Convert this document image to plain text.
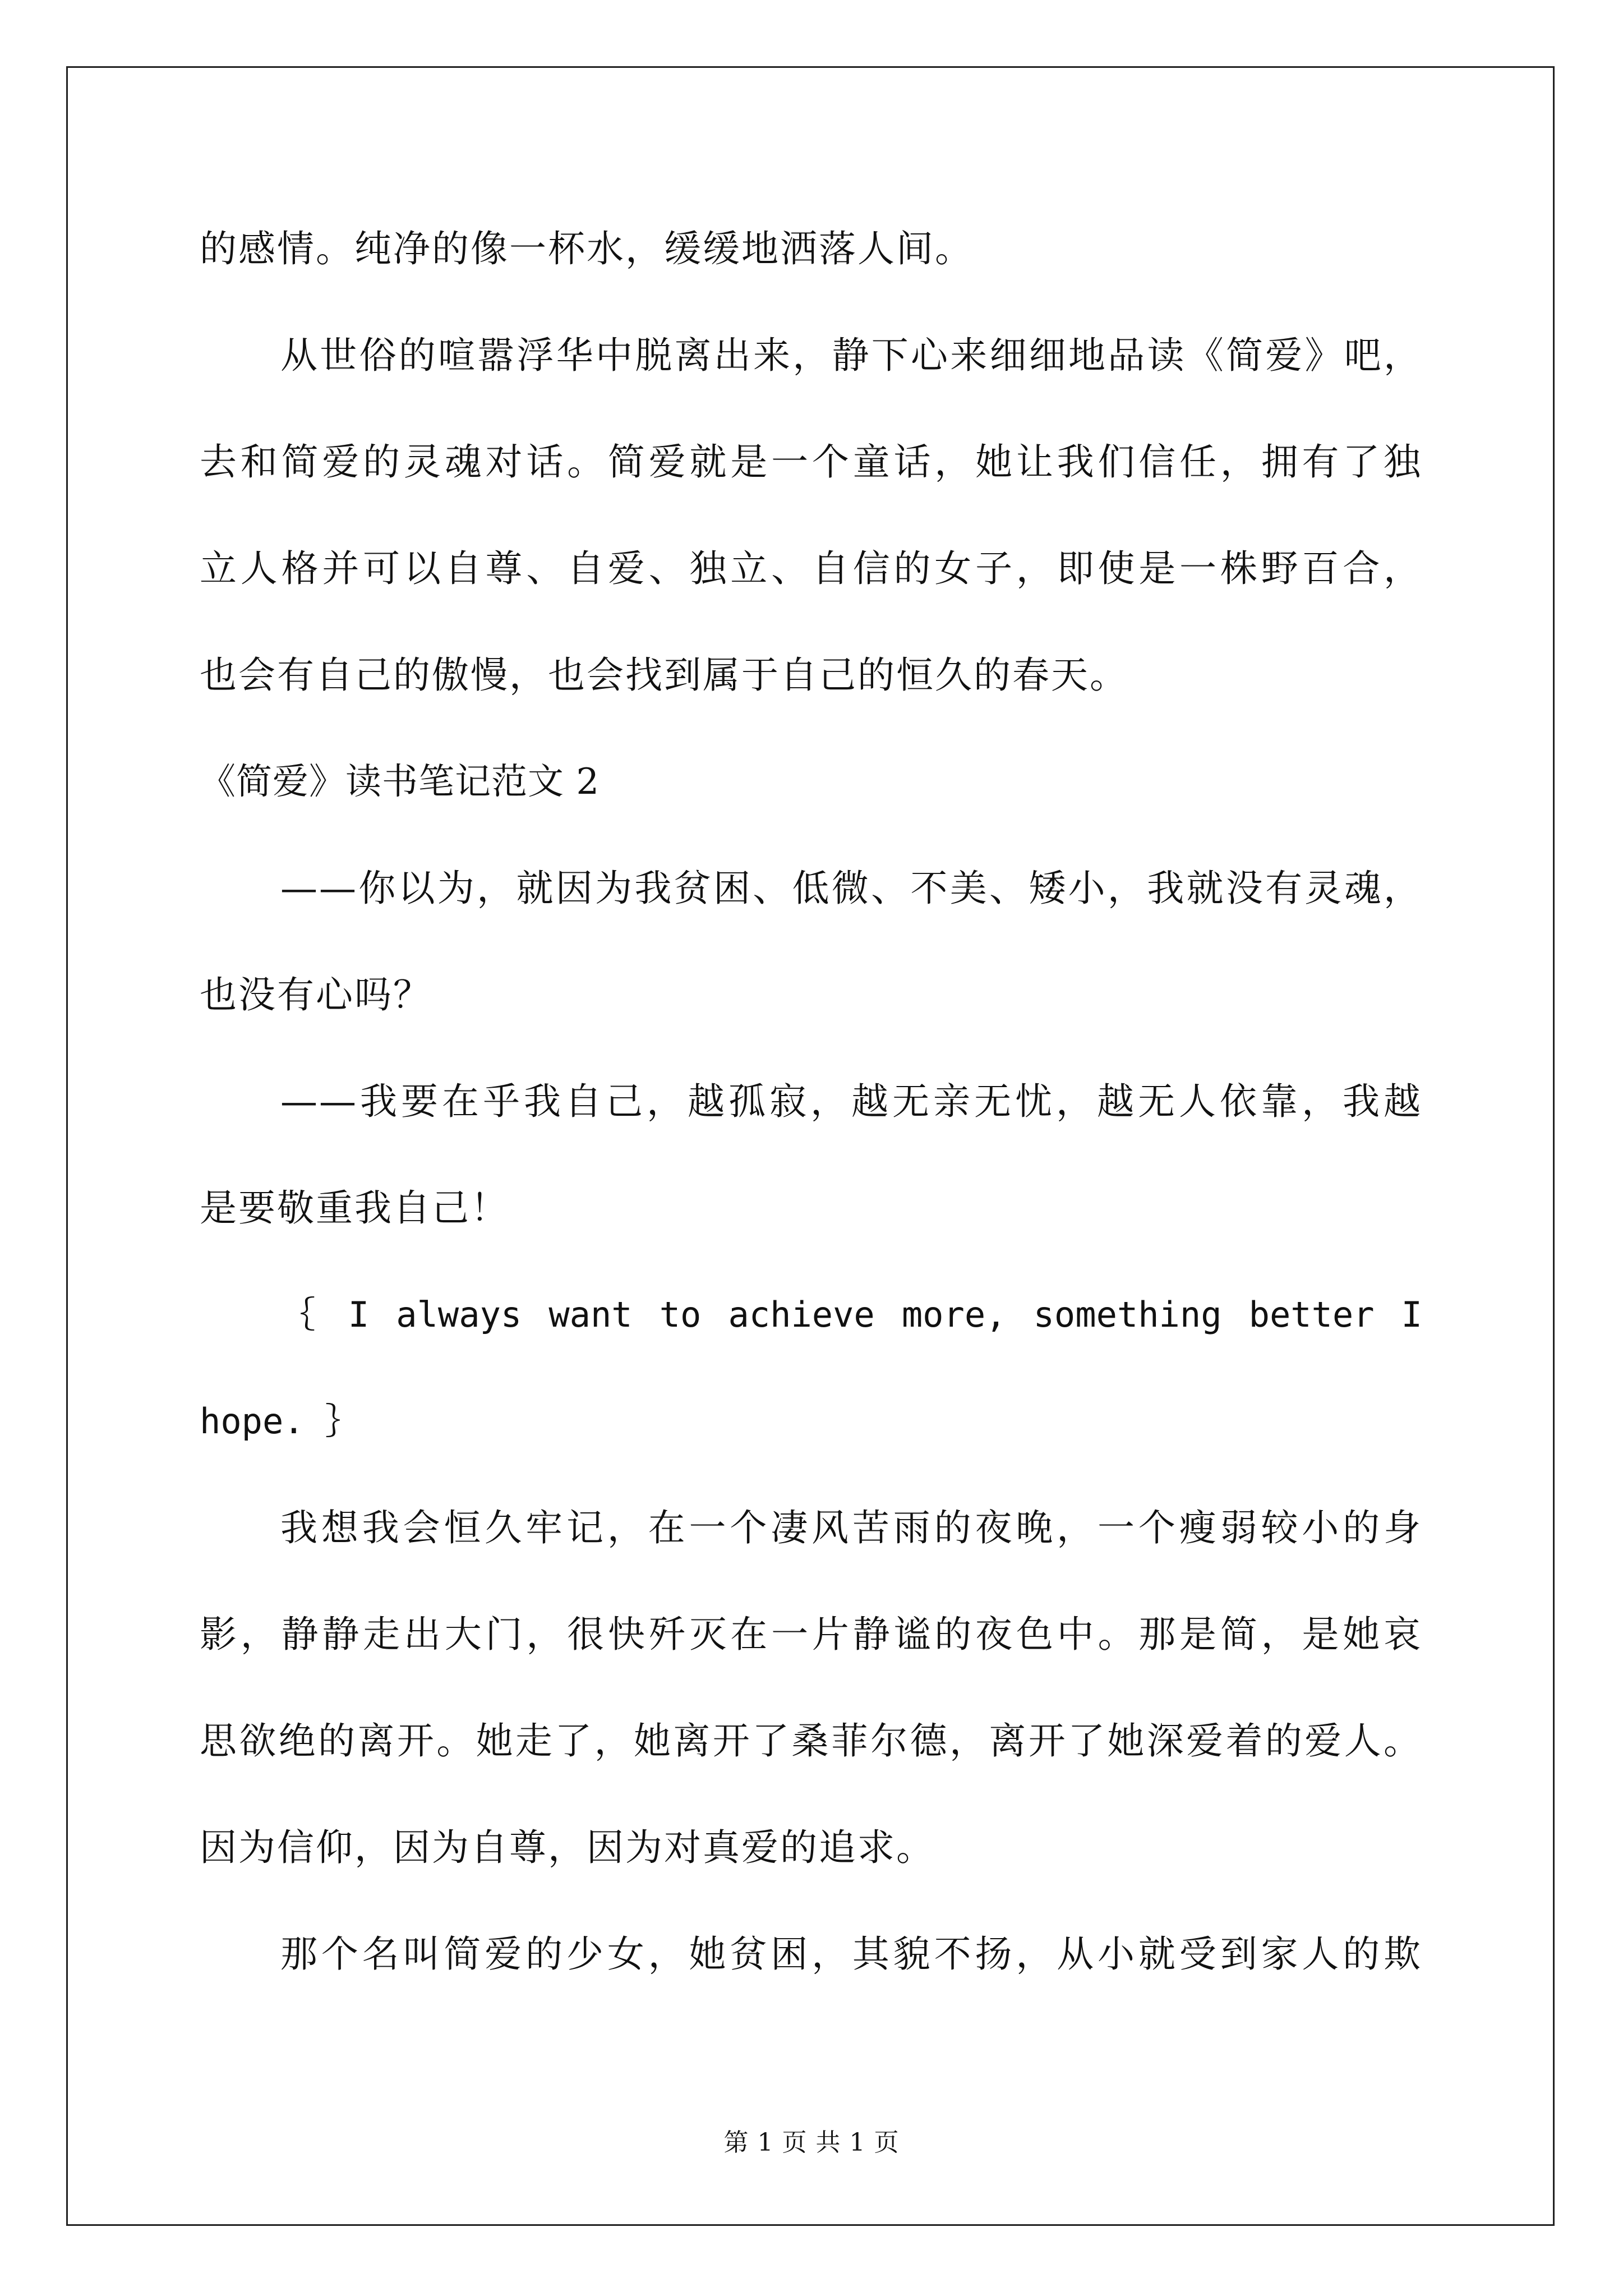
的感情。纯净的像一杯水，缓缓地洒落人间。
从世俗的喧嚣浮华中脱离出来，静下心来细细地品读《简爱》吧，
去和简爱的灵魂对话。简爱就是一个童话，她让我们信任，拥有了独
立人格并可以自尊、自爱、独立、自信的女子，即使是一株野百合，
也会有自己的傲慢，也会找到属于自己的恒久的春天。
《简爱》读书笔记范文 2
——你以为，就因为我贫困、低微、不美、矮小，我就没有灵魂，
也没有心吗？
——我要在乎我自己，越孤寂，越无亲无忧，越无人依靠，我越
是要敬重我自己！
｛ I always want to achieve more, something better I
hope. ｝
我想我会恒久牢记，在一个凄风苦雨的夜晚，一个瘦弱较小的身
影，静静走出大门，很快歼灭在一片静谧的夜色中。那是简，是她哀
思欲绝的离开。她走了，她离开了桑菲尔德，离开了她深爱着的爱人。
因为信仰，因为自尊，因为对真爱的追求。
那个名叫简爱的少女，她贫困，其貌不扬，从小就受到家人的欺
第 1 页 共 1 页
